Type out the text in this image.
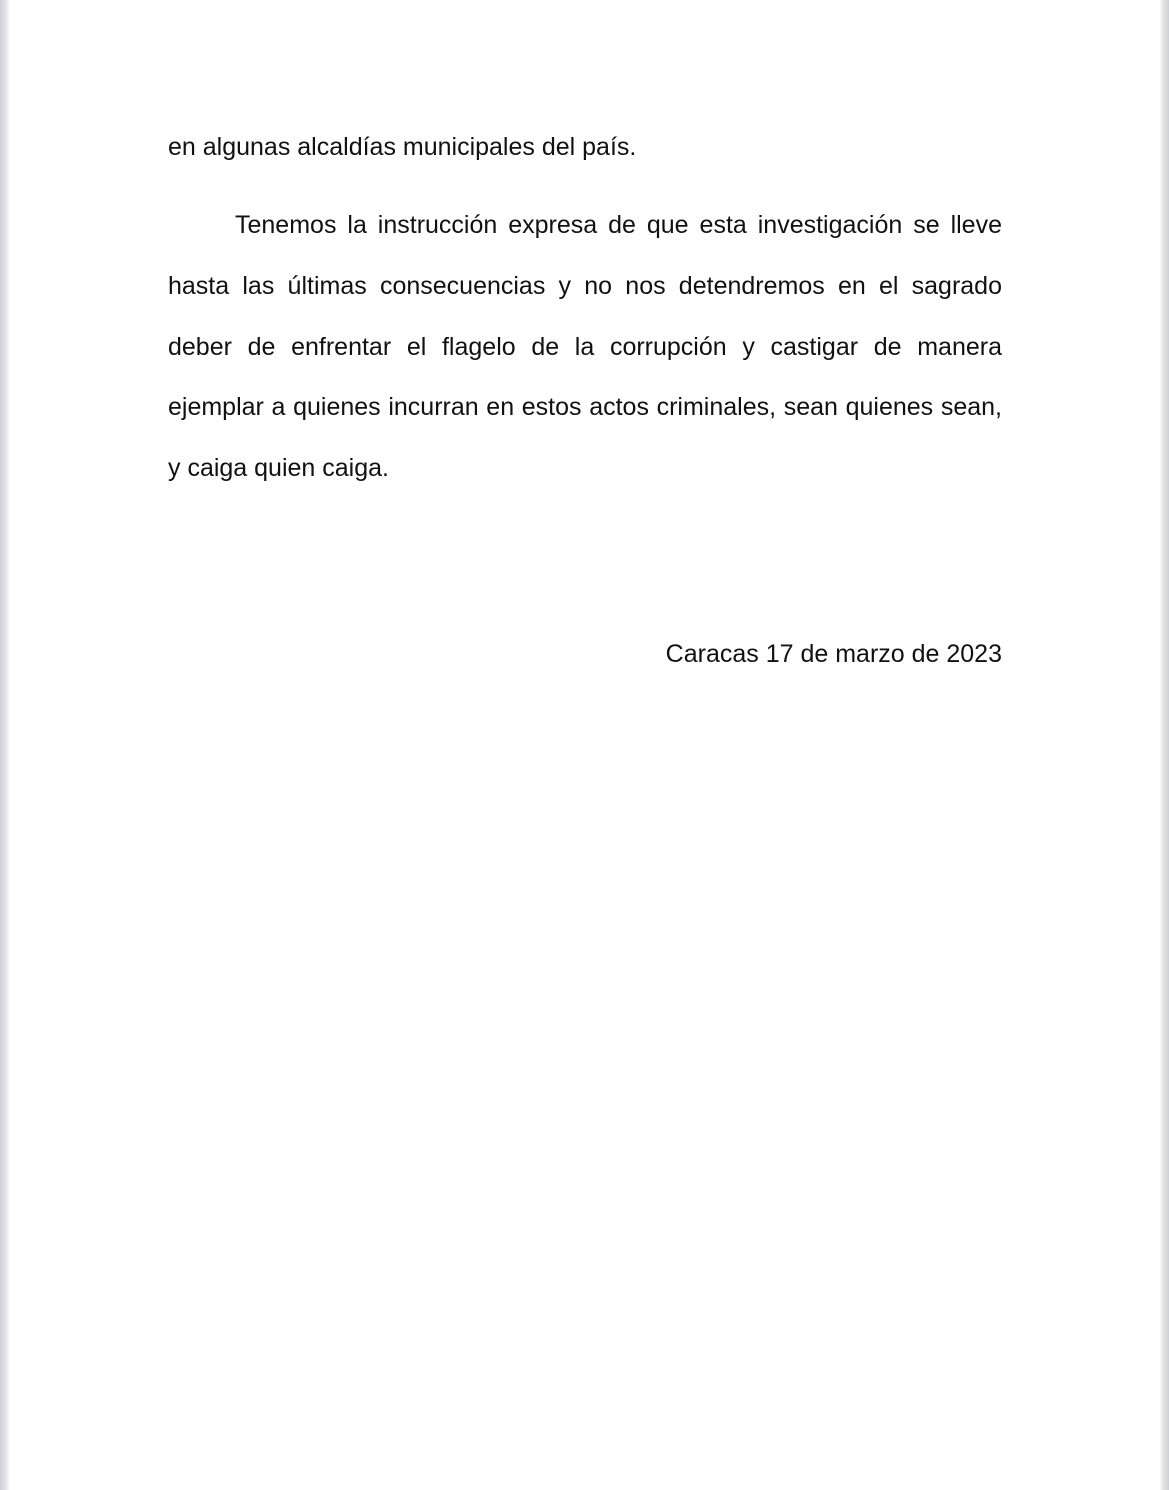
en algunas alcaldías municipales del país.

Tenemos la instrucción expresa de que esta investigación se lleve hasta las últimas consecuencias y no nos detendremos en el sagrado deber de enfrentar el flagelo de la corrupción y castigar de manera ejemplar a quienes incurran en estos actos criminales, sean quienes sean, y caiga quien caiga.

Caracas 17 de marzo de 2023
